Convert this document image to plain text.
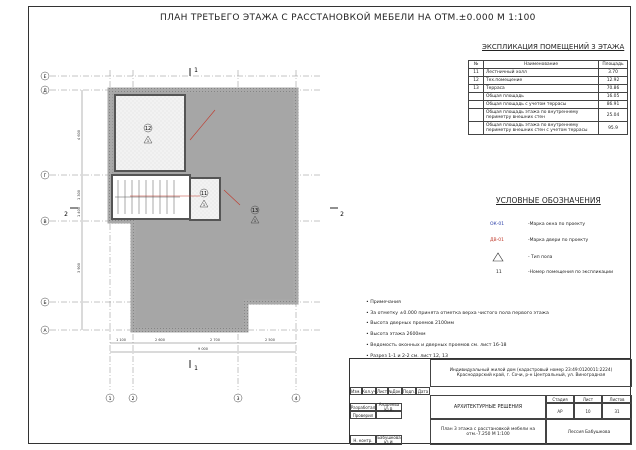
ПЛАН ТРЕТЬЕГО ЭТАЖА С РАССТАНОВКОЙ МЕБЕЛИ НА ОТМ.±0.000 М 1:100
12
11
13
1
1
1
Е
Д
Г
В
Б
А
4 600
1 300
1 400
3 900
1 100	2 600	2 700	2 500
9 000
1	2	3	4
2	2
1
1
ЭКСПЛИКАЦИЯ ПОМЕЩЕНИЙ 3 ЭТАЖА
№	Наименование	Площадь
11	Лестничный холл	3.70
12	Тех.помещение	12.92
13	Терраса	70.86
	Общая площадь	16.05
	Общая площадь с учетом террасы	86.91
	Общая площадь этажа по внутреннему периметру внешних стен	25.04
	Общая площадь этажа по внутреннему периметру внешних стен с учетом террасы	95.9
УСЛОВНЫЕ ОБОЗНАЧЕНИЯ
ОК-01	-Марка окна по проекту
ДВ-01	-Марка двери по проекту
- Тип пола
11	-Номер помещения по экспликации
• Примечания
• За отметку ±0.000 принята отметка верха чистого пола первого этажа
• Высота дверных проемов 2100мм
• Высота этажа 2600мм
• Ведомость оконных и дверных проемов см. лист 16-18
• Разрез 1-1 и 2-2 см. лист 12, 13
Индивидуальный жилой дом (кадастровый номер 23:49:0120011:2224) Краснодарский край, г. Сочи, р-н Центральный, ул. Виноградная
Изм. Кол.уч Лист №Док. Подп. Дата
Разработал Андреева Ю.В.
Проверил
Н. контр.	Бабушкова Ю.И.
АРХИТЕКТУРНЫЕ РЕШЕНИЯ
План 3 этажа с расстановкой мебели на отм.-7.250 М 1:100
Стадия	Лист	Листов
АР	10	31
Лессия Бабушкова
